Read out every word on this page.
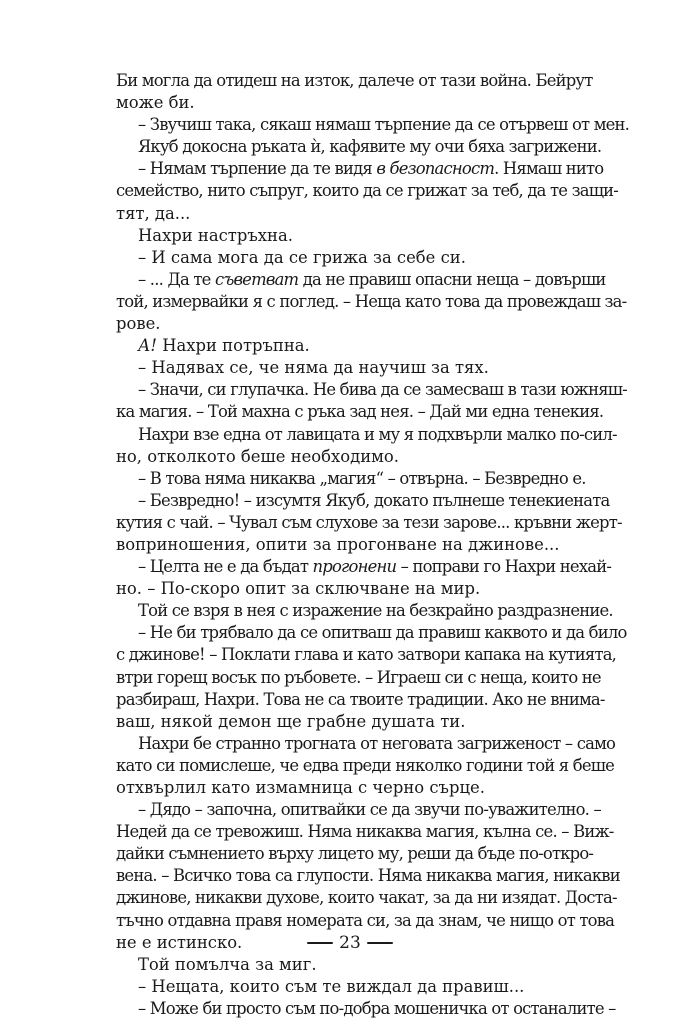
Би могла да отидеш на изток, далече от тази война. Бейрут
може би.
– Звучиш така, сякаш нямаш търпение да се отървеш от мен.
Якуб докосна ръката ѝ, кафявите му очи бяха загрижени.
– Нямам търпение да те видя в безопасност. Нямаш нито
семейство, нито съпруг, които да се грижат за теб, да те защи-
тят, да...
Нахри настръхна.
– И сама мога да се грижа за себе си.
– ... Да те съветват да не правиш опасни неща – довърши
той, измервайки я с поглед. – Неща като това да провеждаш за-
рове.
А! Нахри потръпна.
– Надявах се, че няма да научиш за тях.
– Значи, си глупачка. Не бива да се замесваш в тази южняш-
ка магия. – Той махна с ръка зад нея. – Дай ми една тенекия.
Нахри взе една от лавицата и му я подхвърли малко по-сил-
но, отколкото беше необходимо.
– В това няма никаква „магия“ – отвърна. – Безвредно е.
– Безвредно! – изсумтя Якуб, докато пълнеше тенекиената
кутия с чай. – Чувал съм слухове за тези зарове... кръвни жерт-
воприношения, опити за прогонване на джинове...
– Целта не е да бъдат прогонени – поправи го Нахри нехай-
но. – По-скоро опит за сключване на мир.
Той се взря в нея с изражение на безкрайно раздразнение.
– Не би трябвало да се опитваш да правиш каквото и да било
с джинове! – Поклати глава и като затвори капака на кутията,
втри горещ восък по ръбовете. – Играеш си с неща, които не
разбираш, Нахри. Това не са твоите традиции. Ако не внима-
ваш, някой демон ще грабне душата ти.
Нахри бе странно трогната от неговата загриженост – само
като си помислеше, че едва преди няколко години той я беше
отхвърлил като измамница с черно сърце.
– Дядо – започна, опитвайки се да звучи по-уважително. –
Недей да се тревожиш. Няма никаква магия, кълна се. – Виж-
дайки съмнението върху лицето му, реши да бъде по-откро-
вена. – Всичко това са глупости. Няма никаква магия, никакви
джинове, никакви духове, които чакат, за да ни изядат. Доста-
тъчно отдавна правя номерата си, за да знам, че нищо от това
не е истинско.
Той помълча за миг.
– Нещата, които съм те виждал да правиш...
– Може би просто съм по-добра мошеничка от останалите –
23
